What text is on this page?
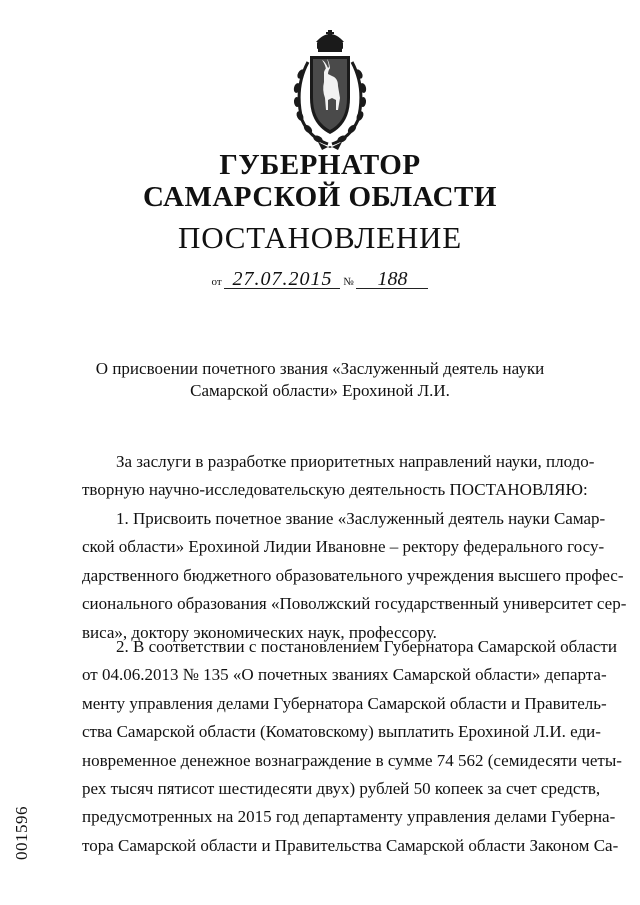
ГУБЕРНАТОР
САМАРСКОЙ ОБЛАСТИ
ПОСТАНОВЛЕНИЕ
от 27.07.2015 № 188
О присвоении почетного звания «Заслуженный деятель науки
Самарской области» Ерохиной Л.И.
За заслуги в разработке приоритетных направлений науки, плодо-
творную научно-исследовательскую деятельность ПОСТАНОВЛЯЮ:
1. Присвоить почетное звание «Заслуженный деятель науки Самар-
ской области» Ерохиной Лидии Ивановне – ректору федерального госу-
дарственного бюджетного образовательного учреждения высшего профес-
сионального образования «Поволжский государственный университет сер-
виса», доктору экономических наук, профессору.
2. В соответствии с постановлением Губернатора Самарской области
от 04.06.2013 № 135 «О почетных званиях Самарской области» департа-
менту управления делами Губернатора Самарской области и Правитель-
ства Самарской области (Коматовскому) выплатить Ерохиной Л.И. еди-
новременное денежное вознаграждение в сумме 74 562 (семидесяти четы-
рех тысяч пятисот шестидесяти двух) рублей 50 копеек за счет средств,
предусмотренных на 2015 год департаменту управления делами Губерна-
тора Самарской области и Правительства Самарской области Законом Са-
001596
